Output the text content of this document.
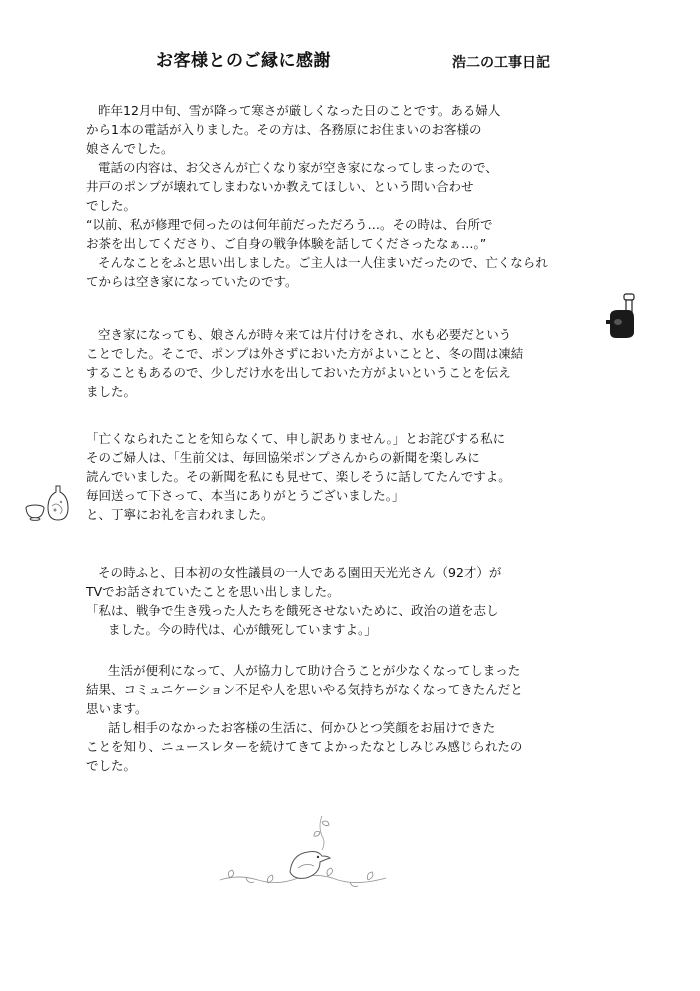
お客様とのご縁に感謝	浩二の工事日記
昨年12月中旬、雪が降って寒さが厳しくなった日のことです。ある婦人
から1本の電話が入りました。その方は、各務原にお住まいのお客様の
娘さんでした。
電話の内容は、お父さんが亡くなり家が空き家になってしまったので、
井戸のポンプが壊れてしまわないか教えてほしい、という問い合わせ
でした。
“以前、私が修理で伺ったのは何年前だっただろう…。その時は、台所で
お茶を出してくださり、ご自身の戦争体験を話してくださったなぁ…。”
そんなことをふと思い出しました。ご主人は一人住まいだったので、亡くなられ
てからは空き家になっていたのです。
空き家になっても、娘さんが時々来ては片付けをされ、水も必要だという
ことでした。そこで、ポンプは外さずにおいた方がよいことと、冬の間は凍結
することもあるので、少しだけ水を出しておいた方がよいということを伝え
ました。
「亡くなられたことを知らなくて、申し訳ありません。」とお詫びする私に
そのご婦人は、「生前父は、毎回協栄ポンプさんからの新聞を楽しみに
読んでいました。その新聞を私にも見せて、楽しそうに話してたんですよ。
毎回送って下さって、本当にありがとうございました。」
と、丁寧にお礼を言われました。
その時ふと、日本初の女性議員の一人である園田天光光さん（92才）が
TVでお話されていたことを思い出しました。
「私は、戦争で生き残った人たちを餓死させないために、政治の道を志し
ました。今の時代は、心が餓死していますよ。」
生活が便利になって、人が協力して助け合うことが少なくなってしまった
結果、コミュニケーション不足や人を思いやる気持ちがなくなってきたんだと
思います。
話し相手のなかったお客様の生活に、何かひとつ笑顔をお届けできた
ことを知り、ニュースレターを続けてきてよかったなとしみじみ感じられたの
でした。
